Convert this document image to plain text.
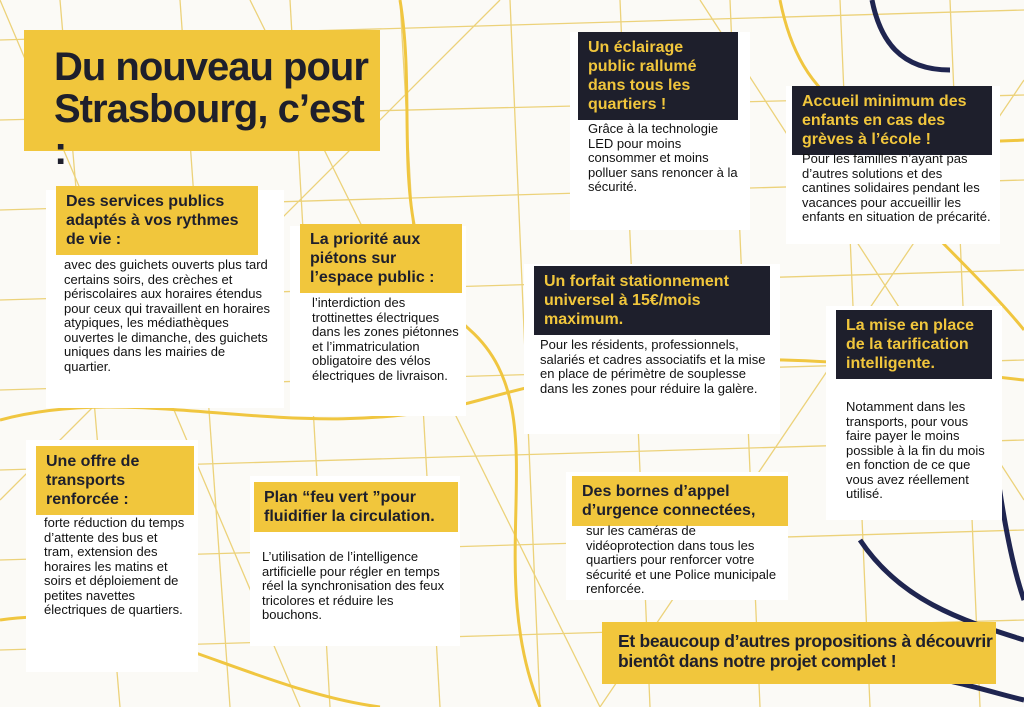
Du nouveau pour Strasbourg, c’est :
Des services publics adaptés à vos rythmes de vie :
avec des guichets ouverts plus tard certains soirs, des crèches et périscolaires aux horaires étendus pour ceux qui travaillent en horaires atypiques, les médiathèques ouvertes le dimanche, des guichets uniques dans les mairies de quartier.
La priorité aux piétons sur l’espace public :
l’interdiction des trottinettes électriques dans les zones piétonnes et l’immatriculation obligatoire des vélos électriques de livraison.
Un éclairage public rallumé dans tous les quartiers !
Grâce à la technologie LED pour moins consommer et moins polluer sans renoncer à la sécurité.
Accueil minimum des enfants en cas des grèves à l’école !
Pour les familles n’ayant pas d’autres solutions et des cantines solidaires pendant les vacances pour accueillir les enfants en situation de précarité.
Un forfait stationnement universel à 15€/mois maximum.
Pour les résidents, professionnels, salariés et cadres associatifs et la mise en place de périmètre de souplesse dans les zones pour réduire la galère.
La mise en place de la tarification intelligente.
Notamment dans les transports, pour vous faire payer le moins possible à la fin du mois en fonction de ce que vous avez réellement utilisé.
Une offre de transports renforcée :
forte réduction du temps d’attente des bus et tram, extension des horaires les matins et soirs et déploiement de petites navettes électriques de quartiers.
Plan “feu vert ”pour fluidifier la circulation.
L’utilisation de l’intelligence artificielle pour régler en temps réel la synchronisation des feux tricolores et réduire les bouchons.
Des bornes d’appel d’urgence connectées,
sur les caméras de vidéoprotection dans tous les quartiers pour renforcer votre sécurité et une Police municipale renforcée.
Et beaucoup d’autres propositions à découvrir bientôt dans notre projet complet !
